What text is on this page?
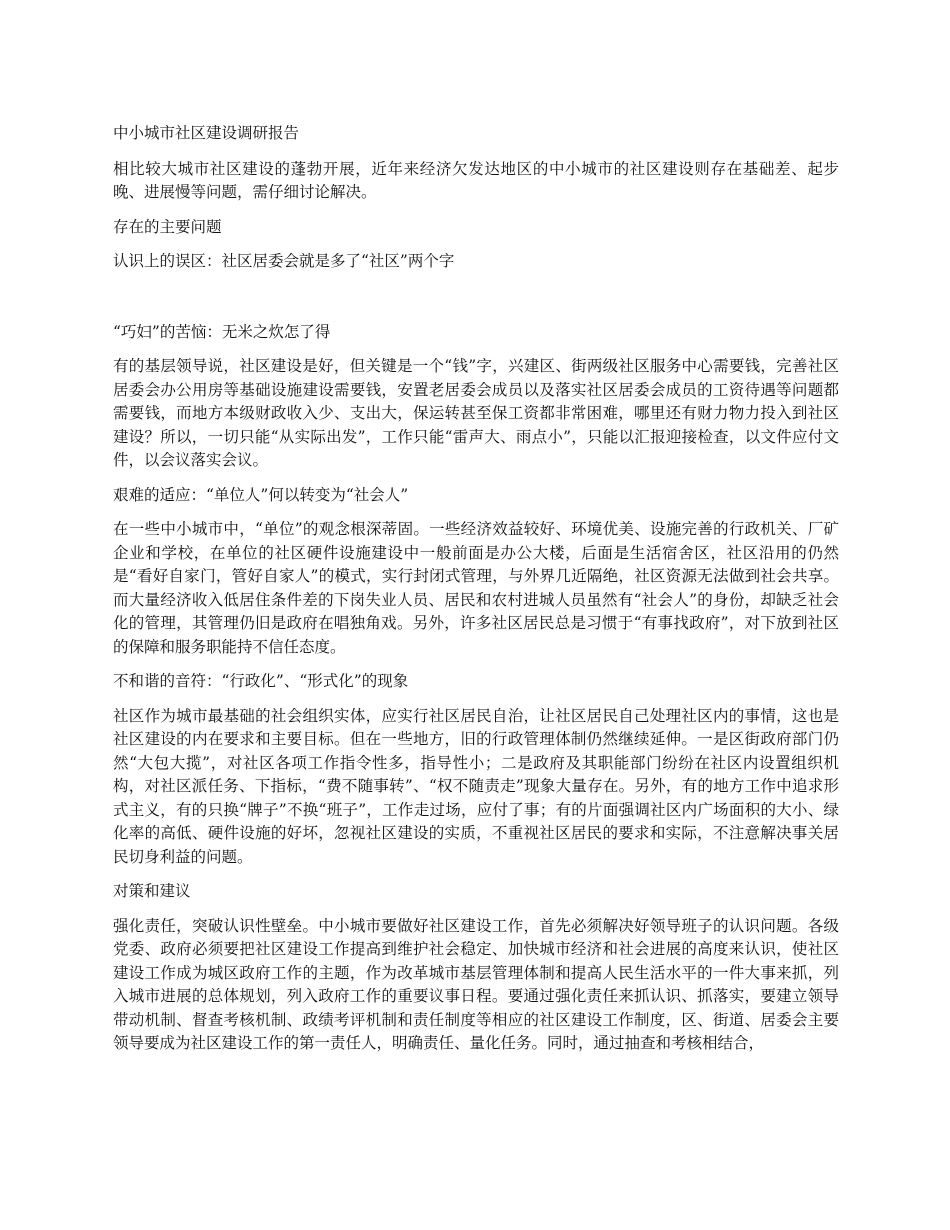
中小城市社区建设调研报告

相比较大城市社区建设的蓬勃开展，近年来经济欠发达地区的中小城市的社区建设则存在基础差、起步晚、进展慢等问题，需仔细讨论解决。

存在的主要问题

认识上的误区：社区居委会就是多了“社区”两个字

“巧妇”的苦恼：无米之炊怎了得

有的基层领导说，社区建设是好，但关键是一个“钱”字，兴建区、街两级社区服务中心需要钱，完善社区居委会办公用房等基础设施建设需要钱，安置老居委会成员以及落实社区居委会成员的工资待遇等问题都需要钱，而地方本级财政收入少、支出大，保运转甚至保工资都非常困难，哪里还有财力物力投入到社区建设？所以，一切只能“从实际出发”，工作只能“雷声大、雨点小”，只能以汇报迎接检查，以文件应付文件，以会议落实会议。

艰难的适应：“单位人”何以转变为“社会人”

在一些中小城市中，“单位”的观念根深蒂固。一些经济效益较好、环境优美、设施完善的行政机关、厂矿企业和学校，在单位的社区硬件设施建设中一般前面是办公大楼，后面是生活宿舍区，社区沿用的仍然是“看好自家门，管好自家人”的模式，实行封闭式管理，与外界几近隔绝，社区资源无法做到社会共享。而大量经济收入低居住条件差的下岗失业人员、居民和农村进城人员虽然有“社会人”的身份，却缺乏社会化的管理，其管理仍旧是政府在唱独角戏。另外，许多社区居民总是习惯于“有事找政府”，对下放到社区的保障和服务职能持不信任态度。

不和谐的音符：“行政化”、“形式化”的现象

社区作为城市最基础的社会组织实体，应实行社区居民自治，让社区居民自己处理社区内的事情，这也是社区建设的内在要求和主要目标。但在一些地方，旧的行政管理体制仍然继续延伸。一是区街政府部门仍然“大包大揽”，对社区各项工作指令性多，指导性小；二是政府及其职能部门纷纷在社区内设置组织机构，对社区派任务、下指标，“费不随事转”、“权不随责走”现象大量存在。另外，有的地方工作中追求形式主义，有的只换“牌子”不换“班子”，工作走过场，应付了事；有的片面强调社区内广场面积的大小、绿化率的高低、硬件设施的好坏，忽视社区建设的实质，不重视社区居民的要求和实际，不注意解决事关居民切身利益的问题。

对策和建议

强化责任，突破认识性壁垒。中小城市要做好社区建设工作，首先必须解决好领导班子的认识问题。各级党委、政府必须要把社区建设工作提高到维护社会稳定、加快城市经济和社会进展的高度来认识，使社区建设工作成为城区政府工作的主题，作为改革城市基层管理体制和提高人民生活水平的一件大事来抓，列入城市进展的总体规划，列入政府工作的重要议事日程。要通过强化责任来抓认识、抓落实，要建立领导带动机制、督查考核机制、政绩考评机制和责任制度等相应的社区建设工作制度，区、街道、居委会主要领导要成为社区建设工作的第一责任人，明确责任、量化任务。同时，通过抽查和考核相结合，
